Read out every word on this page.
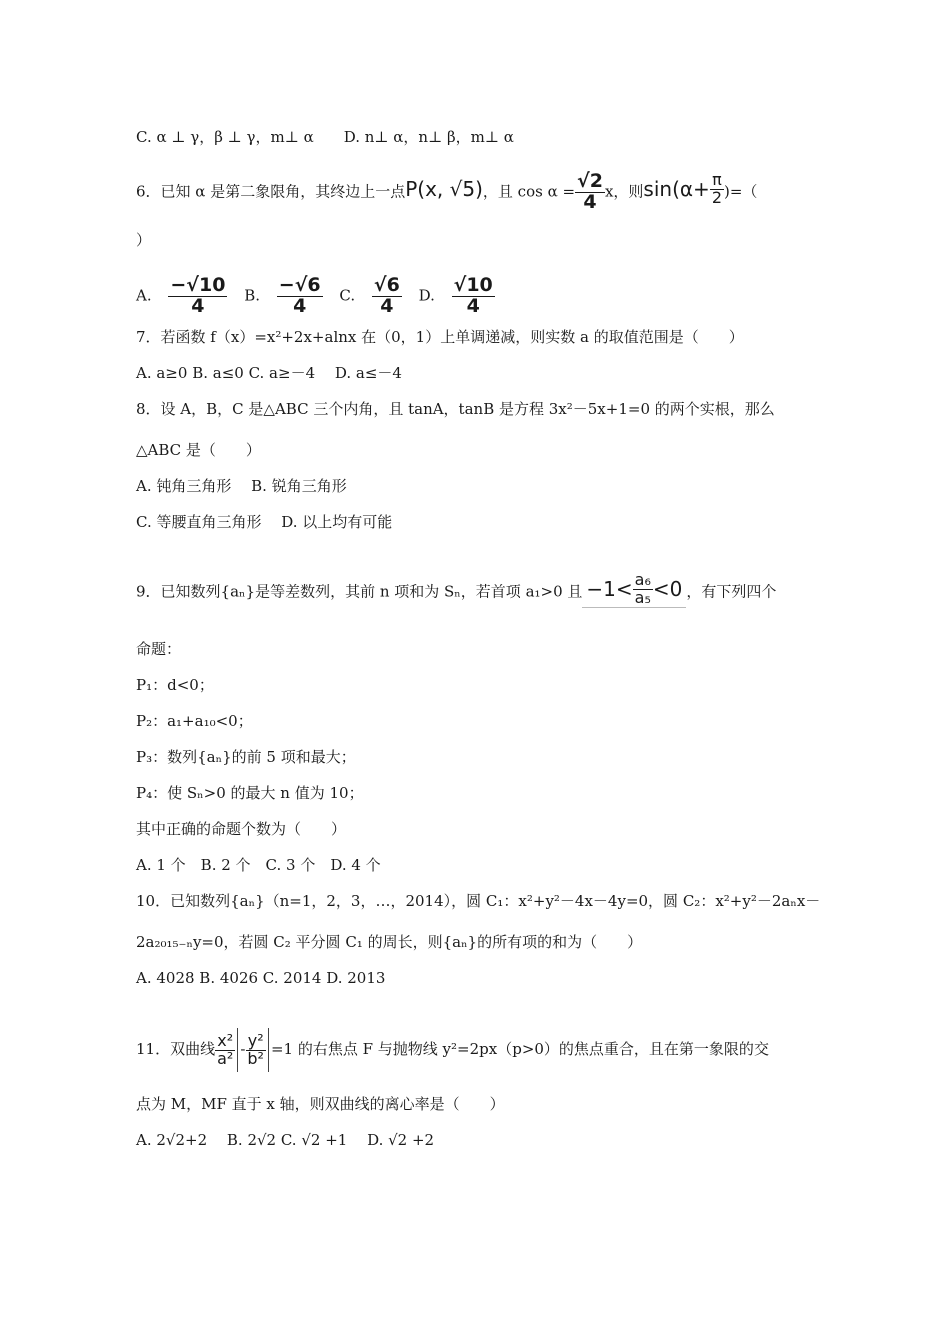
C. α ⊥ γ，β ⊥ γ，m⊥ α　　D. n⊥ α，n⊥ β，m⊥ α
6．已知 α 是第二象限角，其终边上一点P(x, √5)，且 $\cos \alpha = \frac{√2}{4}$ x，则 $\sin(\alpha+ \frac{\pi}{2}$ )=（
）
A. $\frac{-√10}{4} B$. $\frac{-√6}{4} C$. $\frac{√6}{4} D$. $\frac{√10}{4}$
7．若函数 f（x）=x²+2x+alnx 在（0，1）上单调递减，则实数 a 的取值范围是（　　）
A. a≥0 B. a≤0 C. a≥－4　 D. a≤－4
8．设 A，B，C 是△ABC 三个内角，且 tanA，tanB 是方程 3x²－5x+1=0 的两个实根，那么
△ABC 是（　　）
A. 钝角三角形　 B. 锐角三角形
C. 等腰直角三角形　 D. 以上均有可能
9．已知数列{aₙ}是等差数列，其前 n 项和为 Sₙ，若首项 a₁>0 且 $-1< \frac{\text{a₆}}{\text{a₅}} <0$ ，有下列四个
命题：
P₁：d<0；
P₂：a₁+a₁₀<0；
P₃：数列{aₙ}的前 5 项和最大；
P₄：使 Sₙ>0 的最大 n 值为 10；
其中正确的命题个数为（　　）
A. 1 个　B. 2 个　C. 3 个　D. 4 个
10．已知数列{aₙ}（n=1，2，3，…，2014），圆 C₁：x²+y²－4x－4y=0，圆 C₂：x²+y²－2aₙx－
2a₂₀₁₅₋ₙy=0，若圆 C₂ 平分圆 C₁ 的周长，则{aₙ}的所有项的和为（　　）
A. 4028 B. 4026 C. 2014 D. 2013
11．双曲线 $\frac{\text{x²}}{\text{a²}} - \frac{\text{y²}}{\text{b²}} =1$ 的右焦点 F 与抛物线 y²=2px（p>0）的焦点重合，且在第一象限的交
点为 M，MF 直于 x 轴，则双曲线的离心率是（　　）
A. 2√2+2　 B. 2√2 C. √2 +1　 D. √2 +2
